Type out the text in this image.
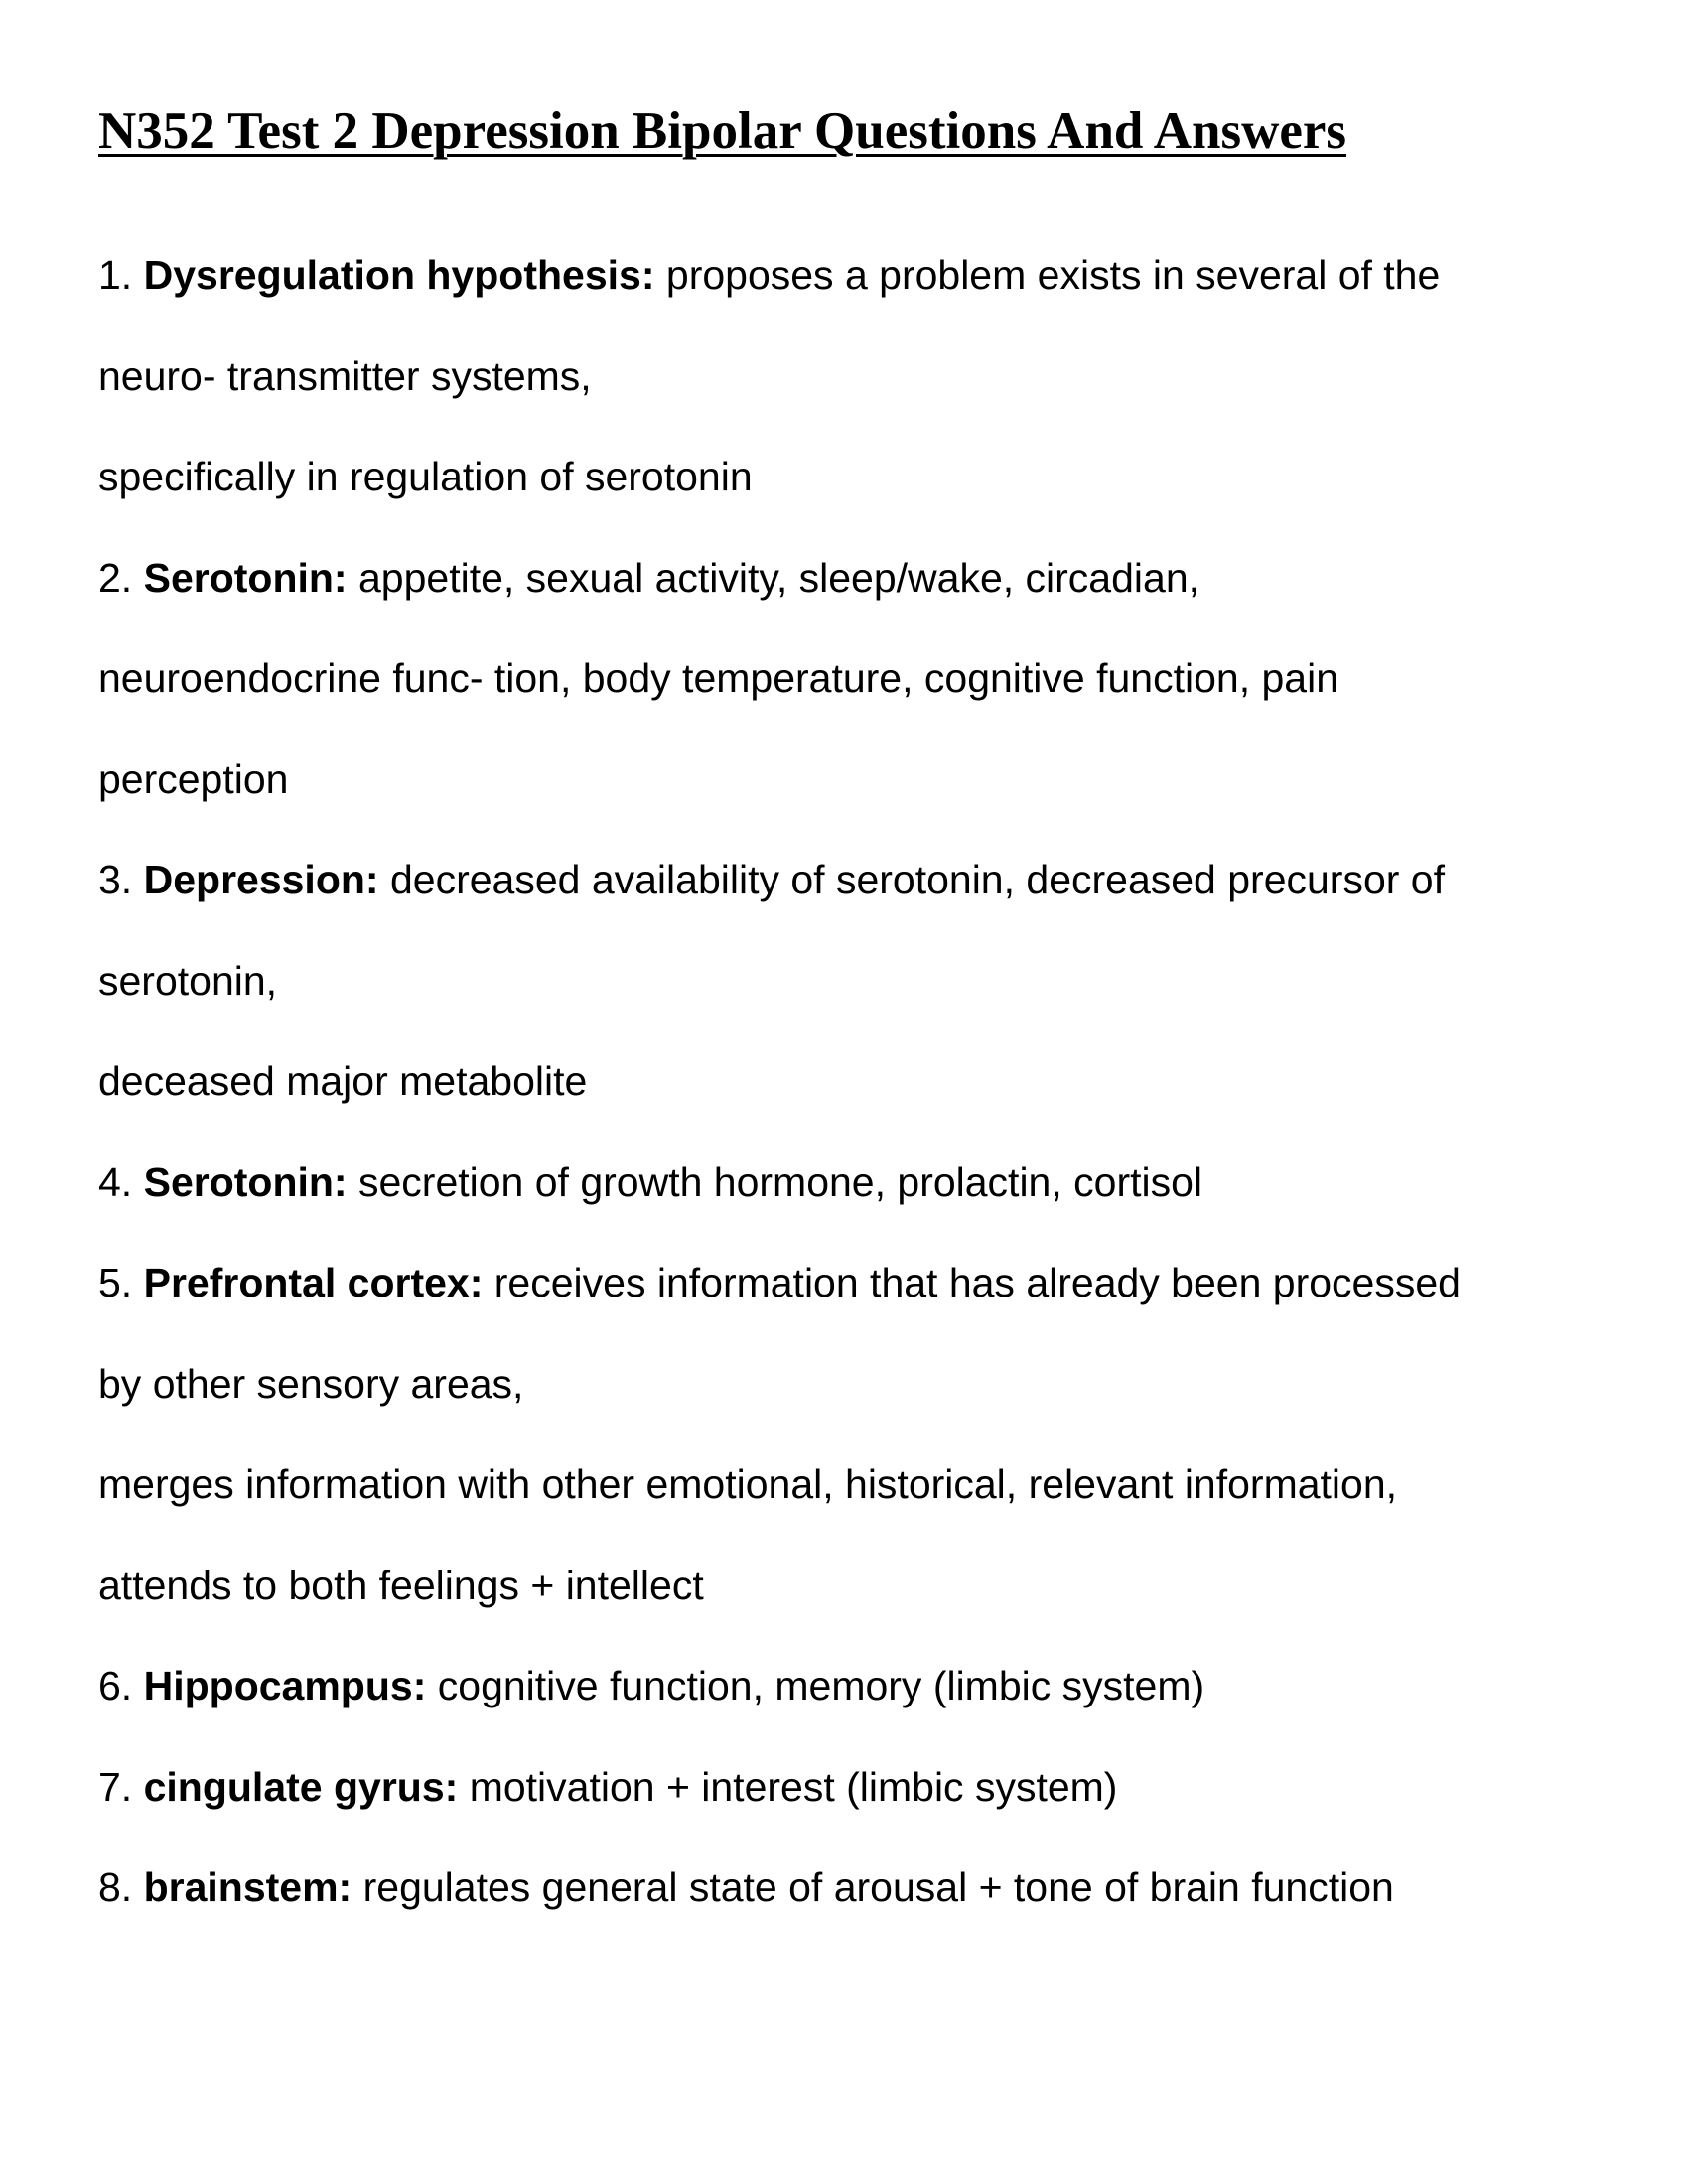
N352 Test 2 Depression Bipolar Questions And Answers
1. Dysregulation hypothesis: proposes a problem exists in several of the
neuro- transmitter systems,
specifically in regulation of serotonin
2. Serotonin: appetite, sexual activity, sleep/wake, circadian,
neuroendocrine func- tion, body temperature, cognitive function, pain
perception
3. Depression: decreased availability of serotonin, decreased precursor of
serotonin,
deceased major metabolite
4. Serotonin: secretion of growth hormone, prolactin, cortisol
5. Prefrontal cortex: receives information that has already been processed
by other sensory areas,
merges information with other emotional, historical, relevant information,
attends to both feelings + intellect
6. Hippocampus: cognitive function, memory (limbic system)
7. cingulate gyrus: motivation + interest (limbic system)
8. brainstem: regulates general state of arousal + tone of brain function
